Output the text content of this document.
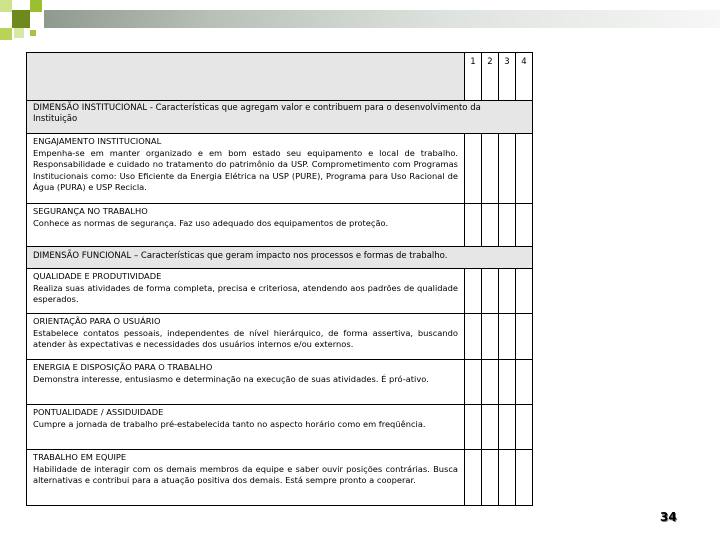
	1	2	3	4
DIMENSÃO INSTITUCIONAL - Características que agregam valor e contribuem para o desenvolvimento da Instituição				

ENGAJAMENTO INSTITUCIONAL
Empenha-se em manter organizado e em bom estado seu equipamento e local de trabalho. Responsabilidade e cuidado no tratamento do patrimônio da USP. Comprometimento com Programas Institucionais como: Uso Eficiente da Energia Elétrica na USP (PURE), Programa para Uso Racional de Água (PURA) e USP Recicla.				

SEGURANÇA NO TRABALHO
Conhece as normas de segurança. Faz uso adequado dos equipamentos de proteção.				

DIMENSÃO FUNCIONAL – Características que geram impacto nos processos e formas de trabalho.				

QUALIDADE E PRODUTIVIDADE
Realiza suas atividades de forma completa, precisa e criteriosa, atendendo aos padrões de qualidade esperados.				

ORIENTAÇÃO PARA O USUÁRIO
Estabelece contatos pessoais, independentes de nível hierárquico, de forma assertiva, buscando atender às expectativas e necessidades dos usuários internos e/ou externos.				

ENERGIA E DISPOSIÇÃO PARA O TRABALHO
Demonstra interesse, entusiasmo e determinação na execução de suas atividades. É pró-ativo.				

PONTUALIDADE / ASSIDUIDADE
Cumpre a jornada de trabalho pré-estabelecida tanto no aspecto horário como em freqüência.				

TRABALHO EM EQUIPE
Habilidade de interagir com os demais membros da equipe e saber ouvir posições contrárias. Busca alternativas e contribui para a atuação positiva dos demais. Está sempre pronto a cooperar.				

34
